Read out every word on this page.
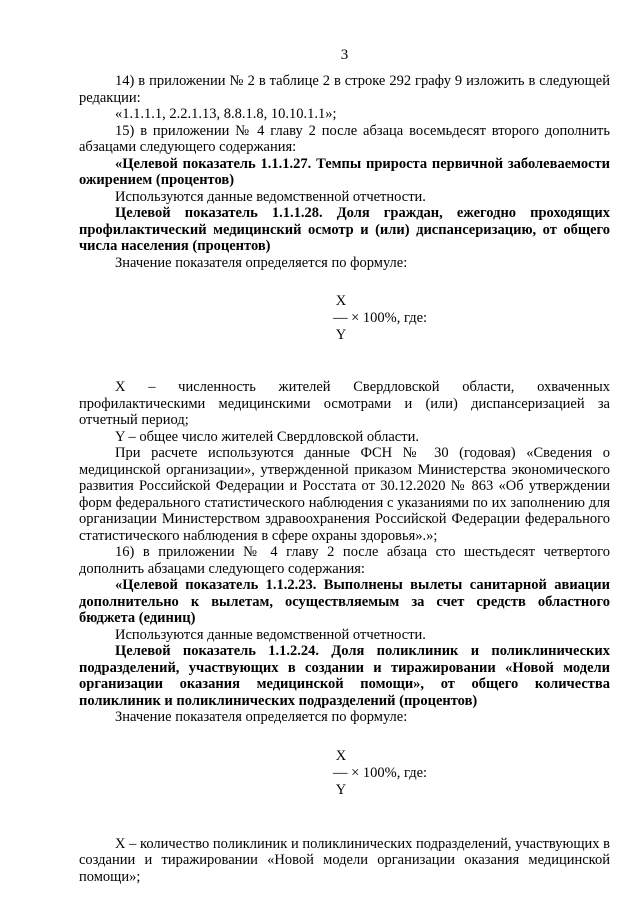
3

14) в приложении № 2 в таблице 2 в строке 292 графу 9 изложить в следующей редакции:

«1.1.1.1, 2.2.1.13, 8.8.1.8, 10.10.1.1»;

15) в приложении № 4 главу 2 после абзаца восемьдесят второго дополнить абзацами следующего содержания:

«Целевой показатель 1.1.1.27. Темпы прироста первичной заболеваемости ожирением (процентов)

Используются данные ведомственной отчетности.

Целевой показатель 1.1.1.28. Доля граждан, ежегодно проходящих профилактический медицинский осмотр и (или) диспансеризацию, от общего числа населения (процентов)

Значение показателя определяется по формуле:

X
— × 100%, где:
Y

X – численность жителей Свердловской области, охваченных профилактическими медицинскими осмотрами и (или) диспансеризацией за отчетный период;

Y – общее число жителей Свердловской области.

При расчете используются данные ФСН № 30 (годовая) «Сведения о медицинской организации», утвержденной приказом Министерства экономического развития Российской Федерации и Росстата от 30.12.2020 № 863 «Об утверждении форм федерального статистического наблюдения с указаниями по их заполнению для организации Министерством здравоохранения Российской Федерации федерального статистического наблюдения в сфере охраны здоровья».»;

16) в приложении № 4 главу 2 после абзаца сто шестьдесят четвертого дополнить абзацами следующего содержания:

«Целевой показатель 1.1.2.23. Выполнены вылеты санитарной авиации дополнительно к вылетам, осуществляемым за счет средств областного бюджета (единиц)

Используются данные ведомственной отчетности.

Целевой показатель 1.1.2.24. Доля поликлиник и поликлинических подразделений, участвующих в создании и тиражировании «Новой модели организации оказания медицинской помощи», от общего количества поликлиник и поликлинических подразделений (процентов)

Значение показателя определяется по формуле:

X
— × 100%, где:
Y

X – количество поликлиник и поликлинических подразделений, участвующих в создании и тиражировании «Новой модели организации оказания медицинской помощи»;
